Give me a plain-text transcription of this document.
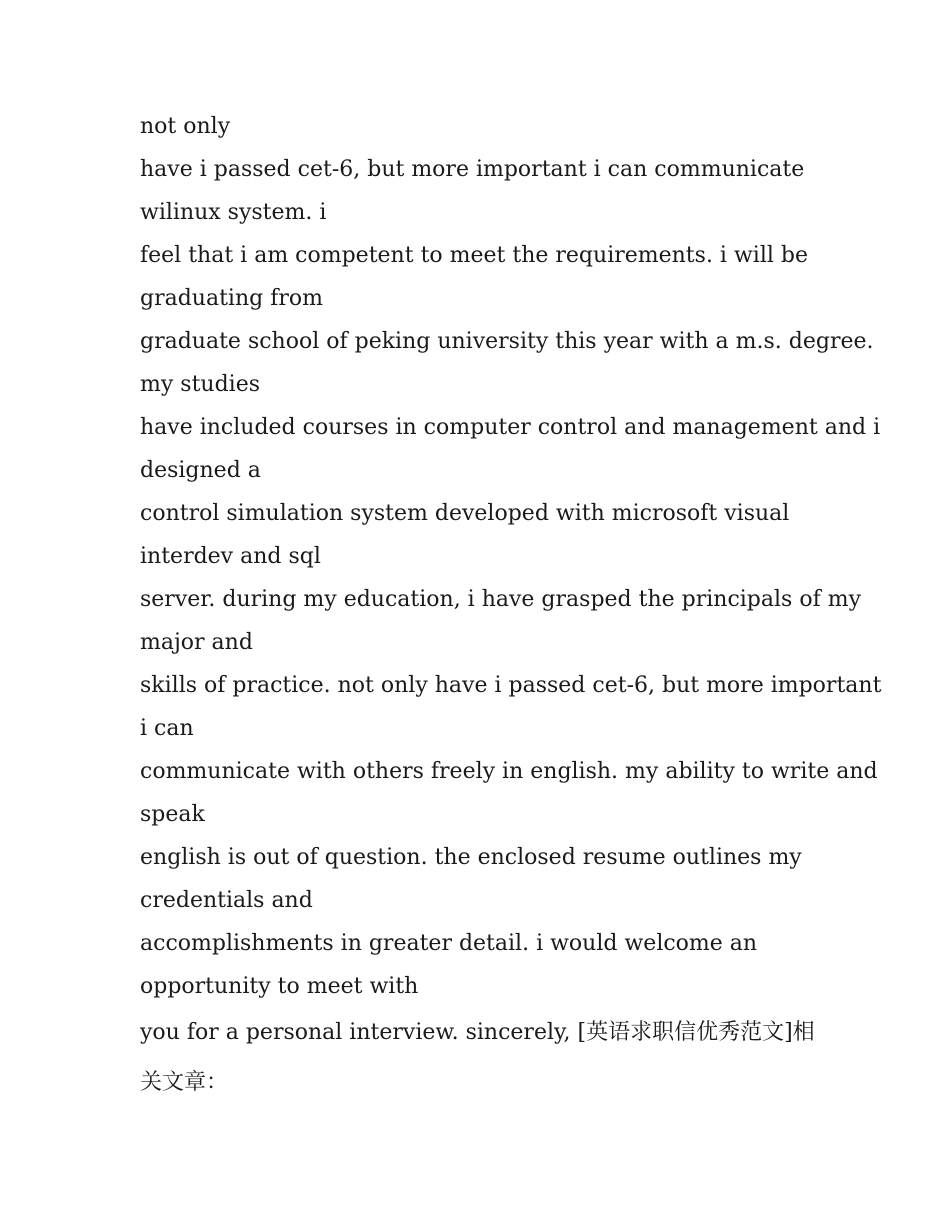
not only
have i passed cet-6, but more important i can communicate
wilinux system. i
feel that i am competent to meet the requirements. i will be
graduating from
graduate school of peking university this year with a m.s. degree.
my studies
have included courses in computer control and management and i
designed a
control simulation system developed with microsoft visual
interdev and sql
server. during my education, i have grasped the principals of my
major and
skills of practice. not only have i passed cet-6, but more important
i can
communicate with others freely in english. my ability to write and
speak
english is out of question. the enclosed resume outlines my
credentials and
accomplishments in greater detail. i would welcome an
opportunity to meet with
you for a personal interview. sincerely, [英语求职信优秀范文]相
关文章：
